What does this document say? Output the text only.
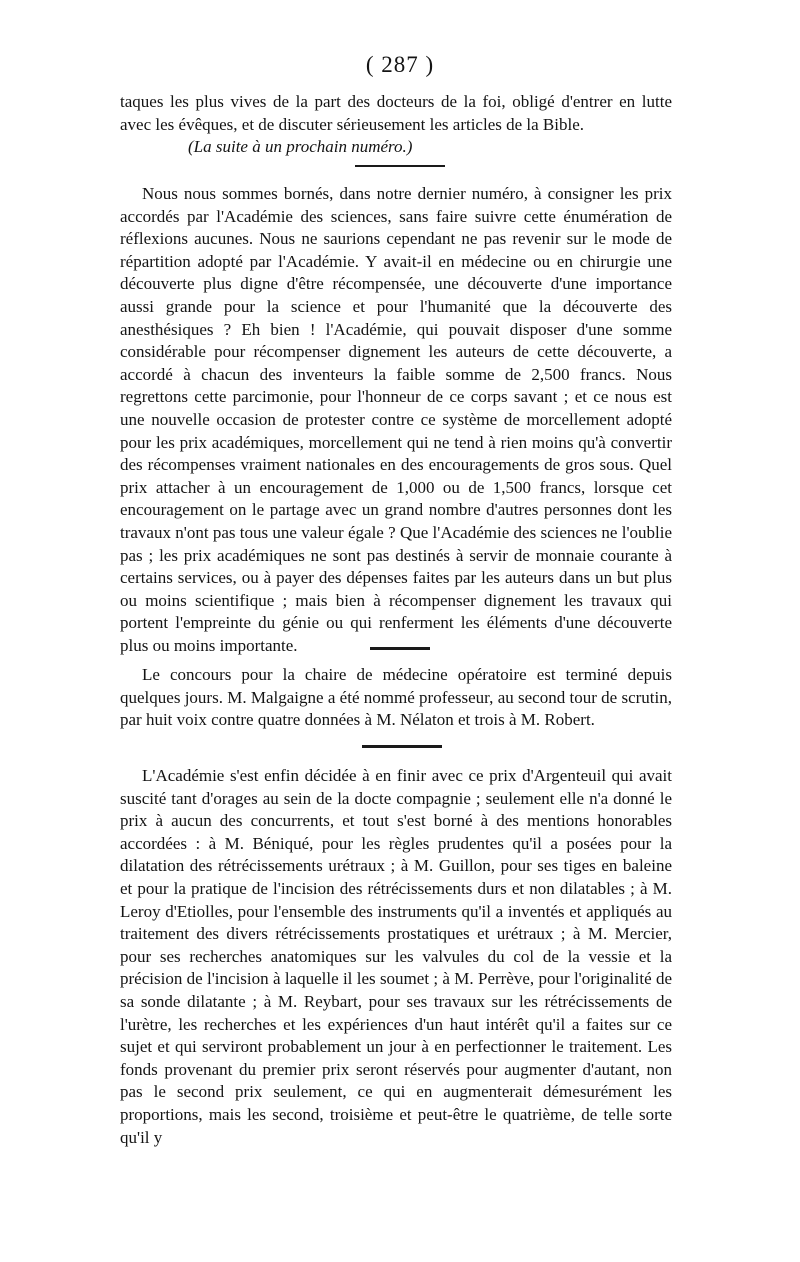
( 287 )

taques les plus vives de la part des docteurs de la foi, obligé d'entrer en lutte avec les évêques, et de discuter sérieusement les articles de la Bible.

(La suite à un prochain numéro.)

Nous nous sommes bornés, dans notre dernier numéro, à consigner les prix accordés par l'Académie des sciences, sans faire suivre cette énumération de réflexions aucunes. Nous ne saurions cependant ne pas revenir sur le mode de répartition adopté par l'Académie. Y avait-il en médecine ou en chirurgie une découverte plus digne d'être récompensée, une découverte d'une importance aussi grande pour la science et pour l'humanité que la découverte des anesthésiques ? Eh bien ! l'Académie, qui pouvait disposer d'une somme considérable pour récompenser dignement les auteurs de cette découverte, a accordé à chacun des inventeurs la faible somme de 2,500 francs. Nous regrettons cette parcimonie, pour l'honneur de ce corps savant ; et ce nous est une nouvelle occasion de protester contre ce système de morcellement adopté pour les prix académiques, morcellement qui ne tend à rien moins qu'à convertir des récompenses vraiment nationales en des encouragements de gros sous. Quel prix attacher à un encouragement de 1,000 ou de 1,500 francs, lorsque cet encouragement on le partage avec un grand nombre d'autres personnes dont les travaux n'ont pas tous une valeur égale ? Que l'Académie des sciences ne l'oublie pas ; les prix académiques ne sont pas destinés à servir de monnaie courante à certains services, ou à payer des dépenses faites par les auteurs dans un but plus ou moins scientifique ; mais bien à récompenser dignement les travaux qui portent l'empreinte du génie ou qui renferment les éléments d'une découverte plus ou moins importante.

Le concours pour la chaire de médecine opératoire est terminé depuis quelques jours. M. Malgaigne a été nommé professeur, au second tour de scrutin, par huit voix contre quatre données à M. Nélaton et trois à M. Robert.

L'Académie s'est enfin décidée à en finir avec ce prix d'Argenteuil qui avait suscité tant d'orages au sein de la docte compagnie ; seulement elle n'a donné le prix à aucun des concurrents, et tout s'est borné à des mentions honorables accordées : à M. Béniqué, pour les règles prudentes qu'il a posées pour la dilatation des rétrécissements urétraux ; à M. Guillon, pour ses tiges en baleine et pour la pratique de l'incision des rétrécissements durs et non dilatables ; à M. Leroy d'Etiolles, pour l'ensemble des instruments qu'il a inventés et appliqués au traitement des divers rétrécissements prostatiques et urétraux ; à M. Mercier, pour ses recherches anatomiques sur les valvules du col de la vessie et la précision de l'incision à laquelle il les soumet ; à M. Perrève, pour l'originalité de sa sonde dilatante ; à M. Reybart, pour ses travaux sur les rétrécissements de l'urètre, les recherches et les expériences d'un haut intérêt qu'il a faites sur ce sujet et qui serviront probablement un jour à en perfectionner le traitement. Les fonds provenant du premier prix seront réservés pour augmenter d'autant, non pas le second prix seulement, ce qui en augmenterait démesurément les proportions, mais les second, troisième et peut-être le quatrième, de telle sorte qu'il y
